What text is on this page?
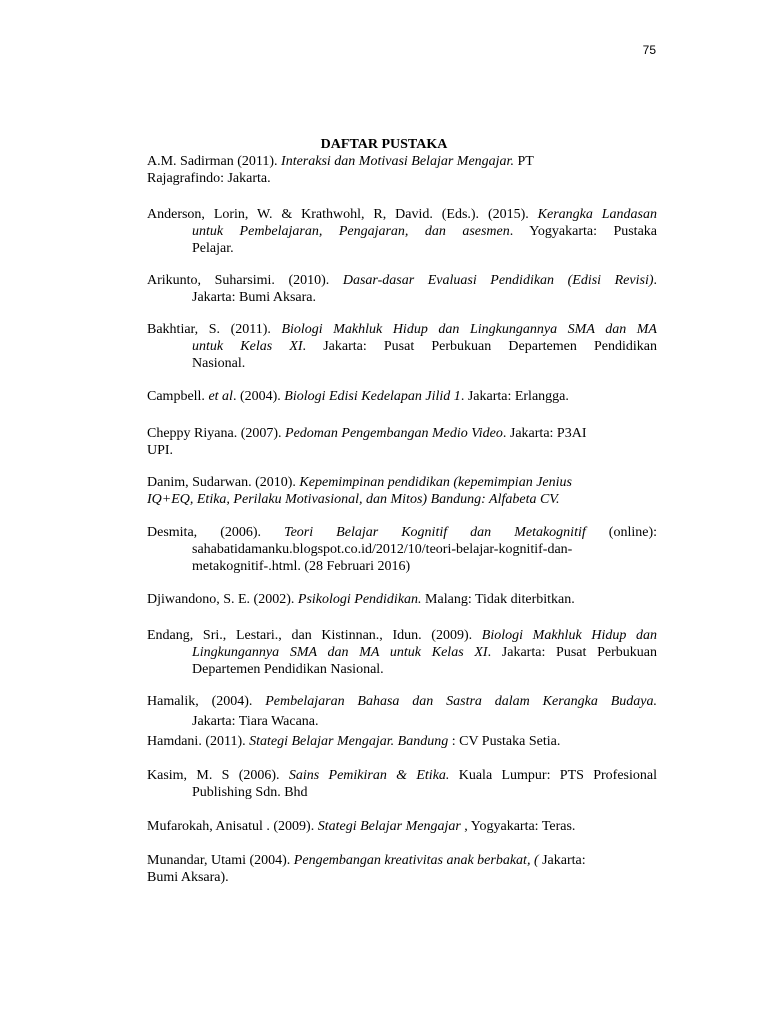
75
DAFTAR PUSTAKA
A.M. Sadirman (2011). Interaksi dan Motivasi Belajar Mengajar. PT
Rajagrafindo: Jakarta.
Anderson, Lorin, W. & Krathwohl, R, David. (Eds.). (2015). Kerangka Landasan
untuk Pembelajaran, Pengajaran, dan asesmen. Yogyakarta: Pustaka
Pelajar.
Arikunto, Suharsimi. (2010). Dasar-dasar Evaluasi Pendidikan (Edisi Revisi).
Jakarta: Bumi Aksara.
Bakhtiar, S. (2011). Biologi Makhluk Hidup dan Lingkungannya SMA dan MA
untuk Kelas XI. Jakarta: Pusat Perbukuan Departemen Pendidikan
Nasional.
Campbell. et al. (2004). Biologi Edisi Kedelapan Jilid 1. Jakarta: Erlangga.
Cheppy Riyana. (2007). Pedoman Pengembangan Medio Video. Jakarta: P3AI
UPI.
Danim, Sudarwan. (2010). Kepemimpinan pendidikan (kepemimpian Jenius
IQ+EQ, Etika, Perilaku Motivasional, dan Mitos) Bandung: Alfabeta CV.
Desmita, (2006). Teori Belajar Kognitif dan Metakognitif (online):
sahabatidamanku.blogspot.co.id/2012/10/teori-belajar-kognitif-dan-
metakognitif-.html. (28 Februari 2016)
Djiwandono, S. E. (2002). Psikologi Pendidikan. Malang: Tidak diterbitkan.
Endang, Sri., Lestari., dan Kistinnan., Idun. (2009). Biologi Makhluk Hidup dan
Lingkungannya SMA dan MA untuk Kelas XI. Jakarta: Pusat Perbukuan
Departemen Pendidikan Nasional.
Hamalik, (2004). Pembelajaran Bahasa dan Sastra dalam Kerangka Budaya.
Jakarta: Tiara Wacana.
Hamdani. (2011). Stategi Belajar Mengajar. Bandung : CV Pustaka Setia.
Kasim, M. S (2006). Sains Pemikiran & Etika. Kuala Lumpur: PTS Profesional
Publishing Sdn. Bhd
Mufarokah, Anisatul . (2009). Stategi Belajar Mengajar , Yogyakarta: Teras.
Munandar, Utami (2004). Pengembangan kreativitas anak berbakat, ( Jakarta:
Bumi Aksara).
